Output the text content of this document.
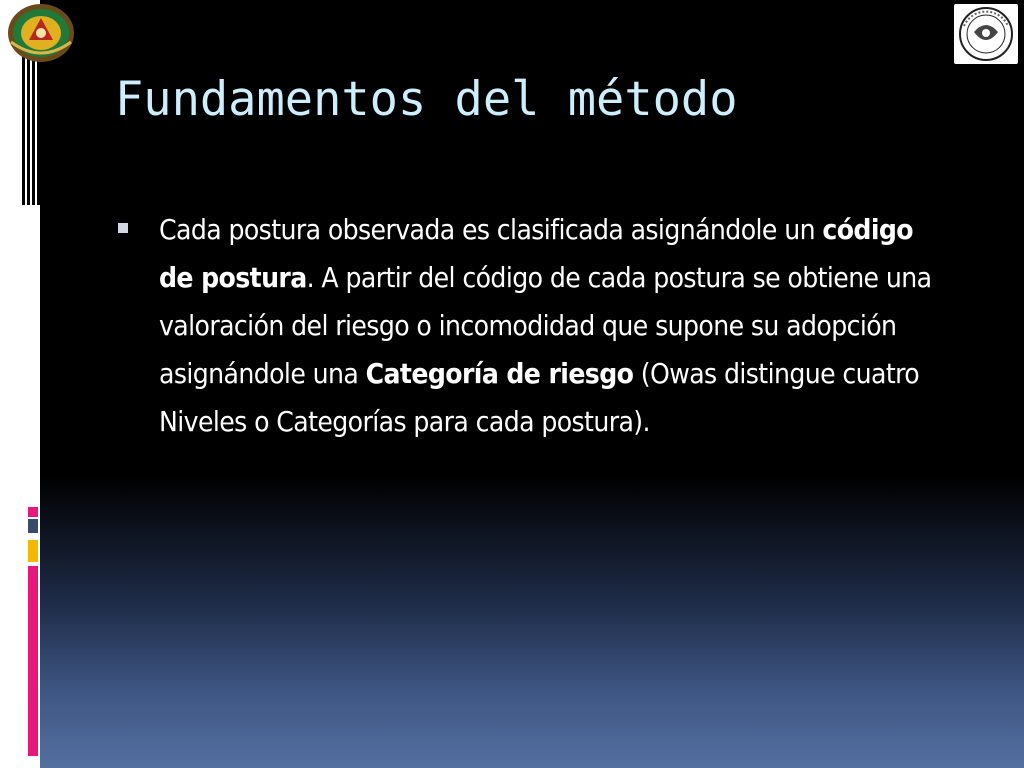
Fundamentos del método
Cada postura observada es clasificada asignándole un código de postura. A partir del código de cada postura se obtiene una valoración del riesgo o incomodidad que supone su adopción asignándole una Categoría de riesgo (Owas distingue cuatro Niveles o Categorías para cada postura).
